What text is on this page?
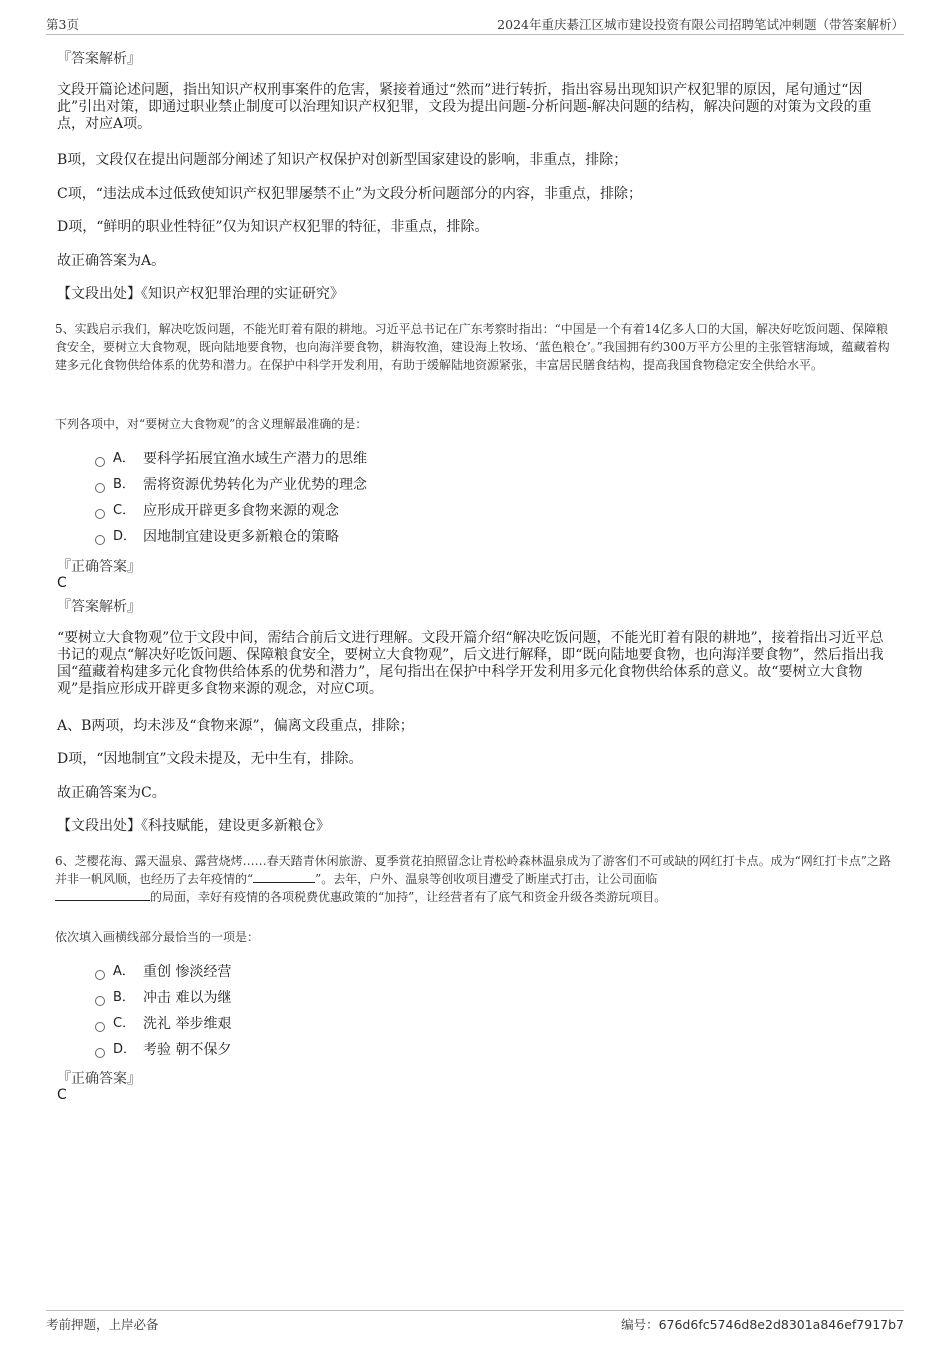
第3页	2024年重庆綦江区城市建设投资有限公司招聘笔试冲刺题（带答案解析）
『答案解析』
文段开篇论述问题，指出知识产权刑事案件的危害，紧接着通过“然而”进行转折，指出容易出现知识产权犯罪的原因，尾句通过“因此”引出对策，即通过职业禁止制度可以治理知识产权犯罪，文段为提出问题-分析问题-解决问题的结构，解决问题的对策为文段的重点，对应A项。
B项，文段仅在提出问题部分阐述了知识产权保护对创新型国家建设的影响，非重点，排除；
C项，“违法成本过低致使知识产权犯罪屡禁不止”为文段分析问题部分的内容，非重点，排除；
D项，“鲜明的职业性特征”仅为知识产权犯罪的特征，非重点，排除。
故正确答案为A。
【文段出处】《知识产权犯罪治理的实证研究》
5、实践启示我们，解决吃饭问题，不能光盯着有限的耕地。习近平总书记在广东考察时指出：“中国是一个有着14亿多人口的大国，解决好吃饭问题、保障粮食安全，要树立大食物观，既向陆地要食物，也向海洋要食物，耕海牧渔，建设海上牧场、‘蓝色粮仓’。”我国拥有约300万平方公里的主张管辖海域，蕴藏着构建多元化食物供给体系的优势和潜力。在保护中科学开发利用，有助于缓解陆地资源紧张，丰富居民膳食结构，提高我国食物稳定安全供给水平。
下列各项中，对“要树立大食物观”的含义理解最准确的是：
A． 要科学拓展宜渔水域生产潜力的思维
B． 需将资源优势转化为产业优势的理念
C． 应形成开辟更多食物来源的观念
D． 因地制宜建设更多新粮仓的策略
『正确答案』
C
『答案解析』
“要树立大食物观”位于文段中间，需结合前后文进行理解。文段开篇介绍“解决吃饭问题，不能光盯着有限的耕地”，接着指出习近平总书记的观点“解决好吃饭问题、保障粮食安全，要树立大食物观”，后文进行解释，即“既向陆地要食物，也向海洋要食物”，然后指出我国“蕴藏着构建多元化食物供给体系的优势和潜力”，尾句指出在保护中科学开发利用多元化食物供给体系的意义。故“要树立大食物观”是指应形成开辟更多食物来源的观念，对应C项。
A、B两项，均未涉及“食物来源”，偏离文段重点，排除；
D项，“因地制宜”文段未提及，无中生有，排除。
故正确答案为C。
【文段出处】《科技赋能，建设更多新粮仓》
6、芝樱花海、露天温泉、露营烧烤……春天踏青休闲旅游、夏季赏花拍照留念让青松岭森林温泉成为了游客们不可或缺的网红打卡点。成为“网红打卡点”之路并非一帆风顺，也经历了去年疫情的“	”。去年，户外、温泉等创收项目遭受了断崖式打击，让公司面临
的局面，幸好有疫情的各项税费优惠政策的“加持”，让经营者有了底气和资金升级各类游玩项目。
依次填入画横线部分最恰当的一项是：
A． 重创 惨淡经营
B． 冲击 难以为继
C． 洗礼 举步维艰
D． 考验 朝不保夕
『正确答案』
C
考前押题，上岸必备	编号：676d6fc5746d8e2d8301a846ef7917b7
